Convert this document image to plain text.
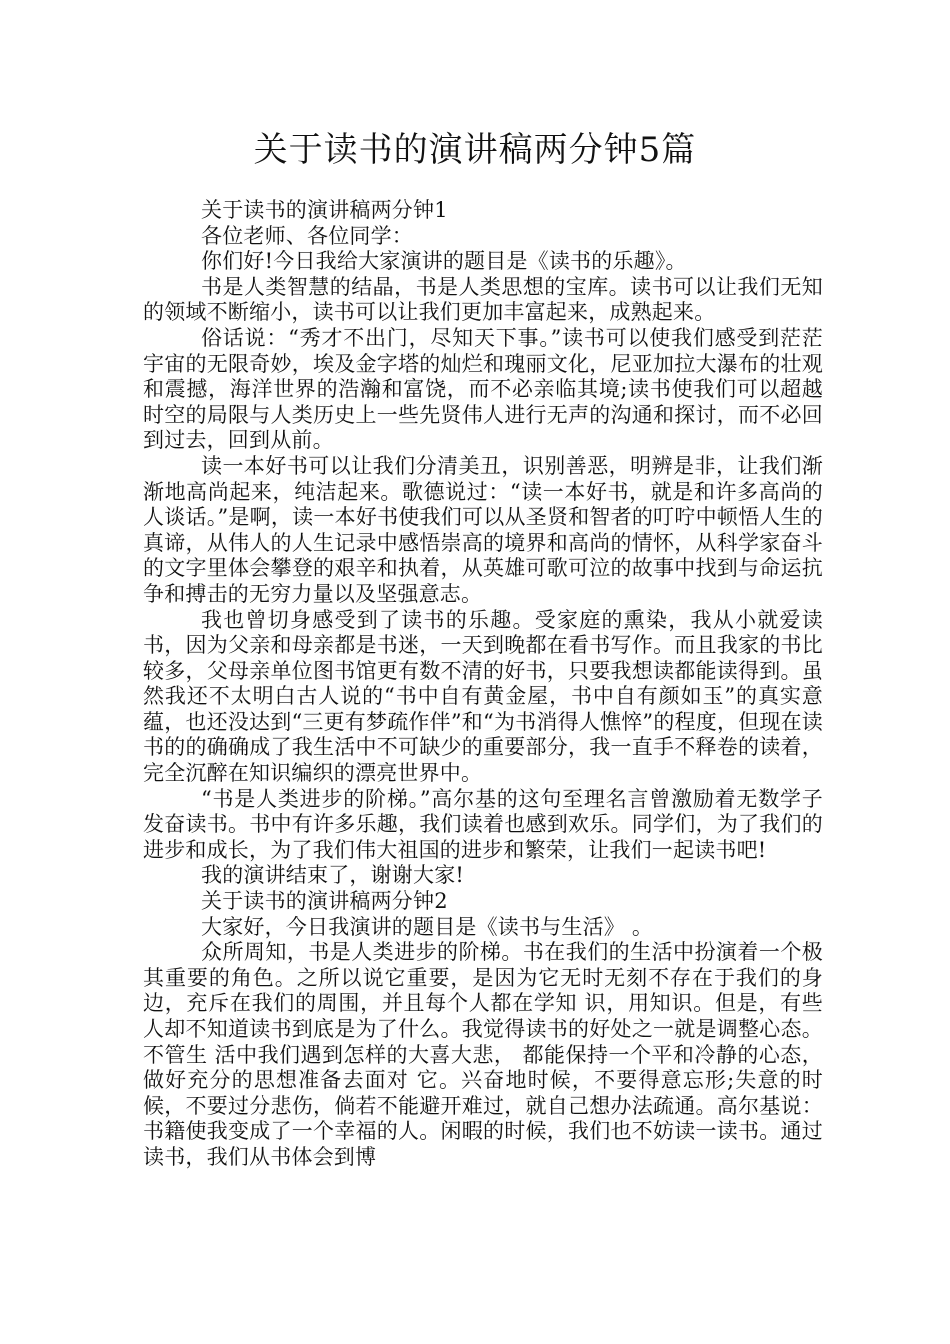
关于读书的演讲稿两分钟5篇

关于读书的演讲稿两分钟1

各位老师、各位同学：

你们好!今日我给大家演讲的题目是《读书的乐趣》。

书是人类智慧的结晶，书是人类思想的宝库。读书可以让我们无知的领域不断缩小，读书可以让我们更加丰富起来，成熟起来。

俗话说：“秀才不出门，尽知天下事。”读书可以使我们感受到茫茫宇宙的无限奇妙，埃及金字塔的灿烂和瑰丽文化，尼亚加拉大瀑布的壮观和震撼，海洋世界的浩瀚和富饶，而不必亲临其境;读书使我们可以超越时空的局限与人类历史上一些先贤伟人进行无声的沟通和探讨，而不必回到过去，回到从前。

读一本好书可以让我们分清美丑，识别善恶，明辨是非，让我们渐渐地高尚起来，纯洁起来。歌德说过：“读一本好书，就是和许多高尚的人谈话。”是啊，读一本好书使我们可以从圣贤和智者的叮咛中顿悟人生的真谛，从伟人的人生记录中感悟崇高的境界和高尚的情怀，从科学家奋斗的文字里体会攀登的艰辛和执着，从英雄可歌可泣的故事中找到与命运抗争和搏击的无穷力量以及坚强意志。

我也曾切身感受到了读书的乐趣。受家庭的熏染，我从小就爱读书，因为父亲和母亲都是书迷，一天到晚都在看书写作。而且我家的书比较多，父母亲单位图书馆更有数不清的好书，只要我想读都能读得到。虽然我还不太明白古人说的“书中自有黄金屋，书中自有颜如玉”的真实意蕴，也还没达到“三更有梦疏作伴”和“为书消得人憔悴”的程度，但现在读书的的确确成了我生活中不可缺少的重要部分，我一直手不释卷的读着，完全沉醉在知识编织的漂亮世界中。

“书是人类进步的阶梯。”高尔基的这句至理名言曾激励着无数学子发奋读书。书中有许多乐趣，我们读着也感到欢乐。同学们，为了我们的进步和成长，为了我们伟大祖国的进步和繁荣，让我们一起读书吧!

我的演讲结束了，谢谢大家!

关于读书的演讲稿两分钟2

大家好，今日我演讲的题目是《读书与生活》 。

众所周知，书是人类进步的阶梯。书在我们的生活中扮演着一个极其重要的角色。之所以说它重要，是因为它无时无刻不存在于我们的身边，充斥在我们的周围，并且每个人都在学知 识，用知识。但是，有些人却不知道读书到底是为了什么。我觉得读书的好处之一就是调整心态。不管生 活中我们遇到怎样的大喜大悲， 都能保持一个平和冷静的心态，做好充分的思想准备去面对 它。兴奋地时候，不要得意忘形;失意的时候，不要过分悲伤，倘若不能避开难过，就自己想办法疏通。高尔基说：书籍使我变成了一个幸福的人。闲暇的时候，我们也不妨读一读书。通过读书，我们从书体会到博
